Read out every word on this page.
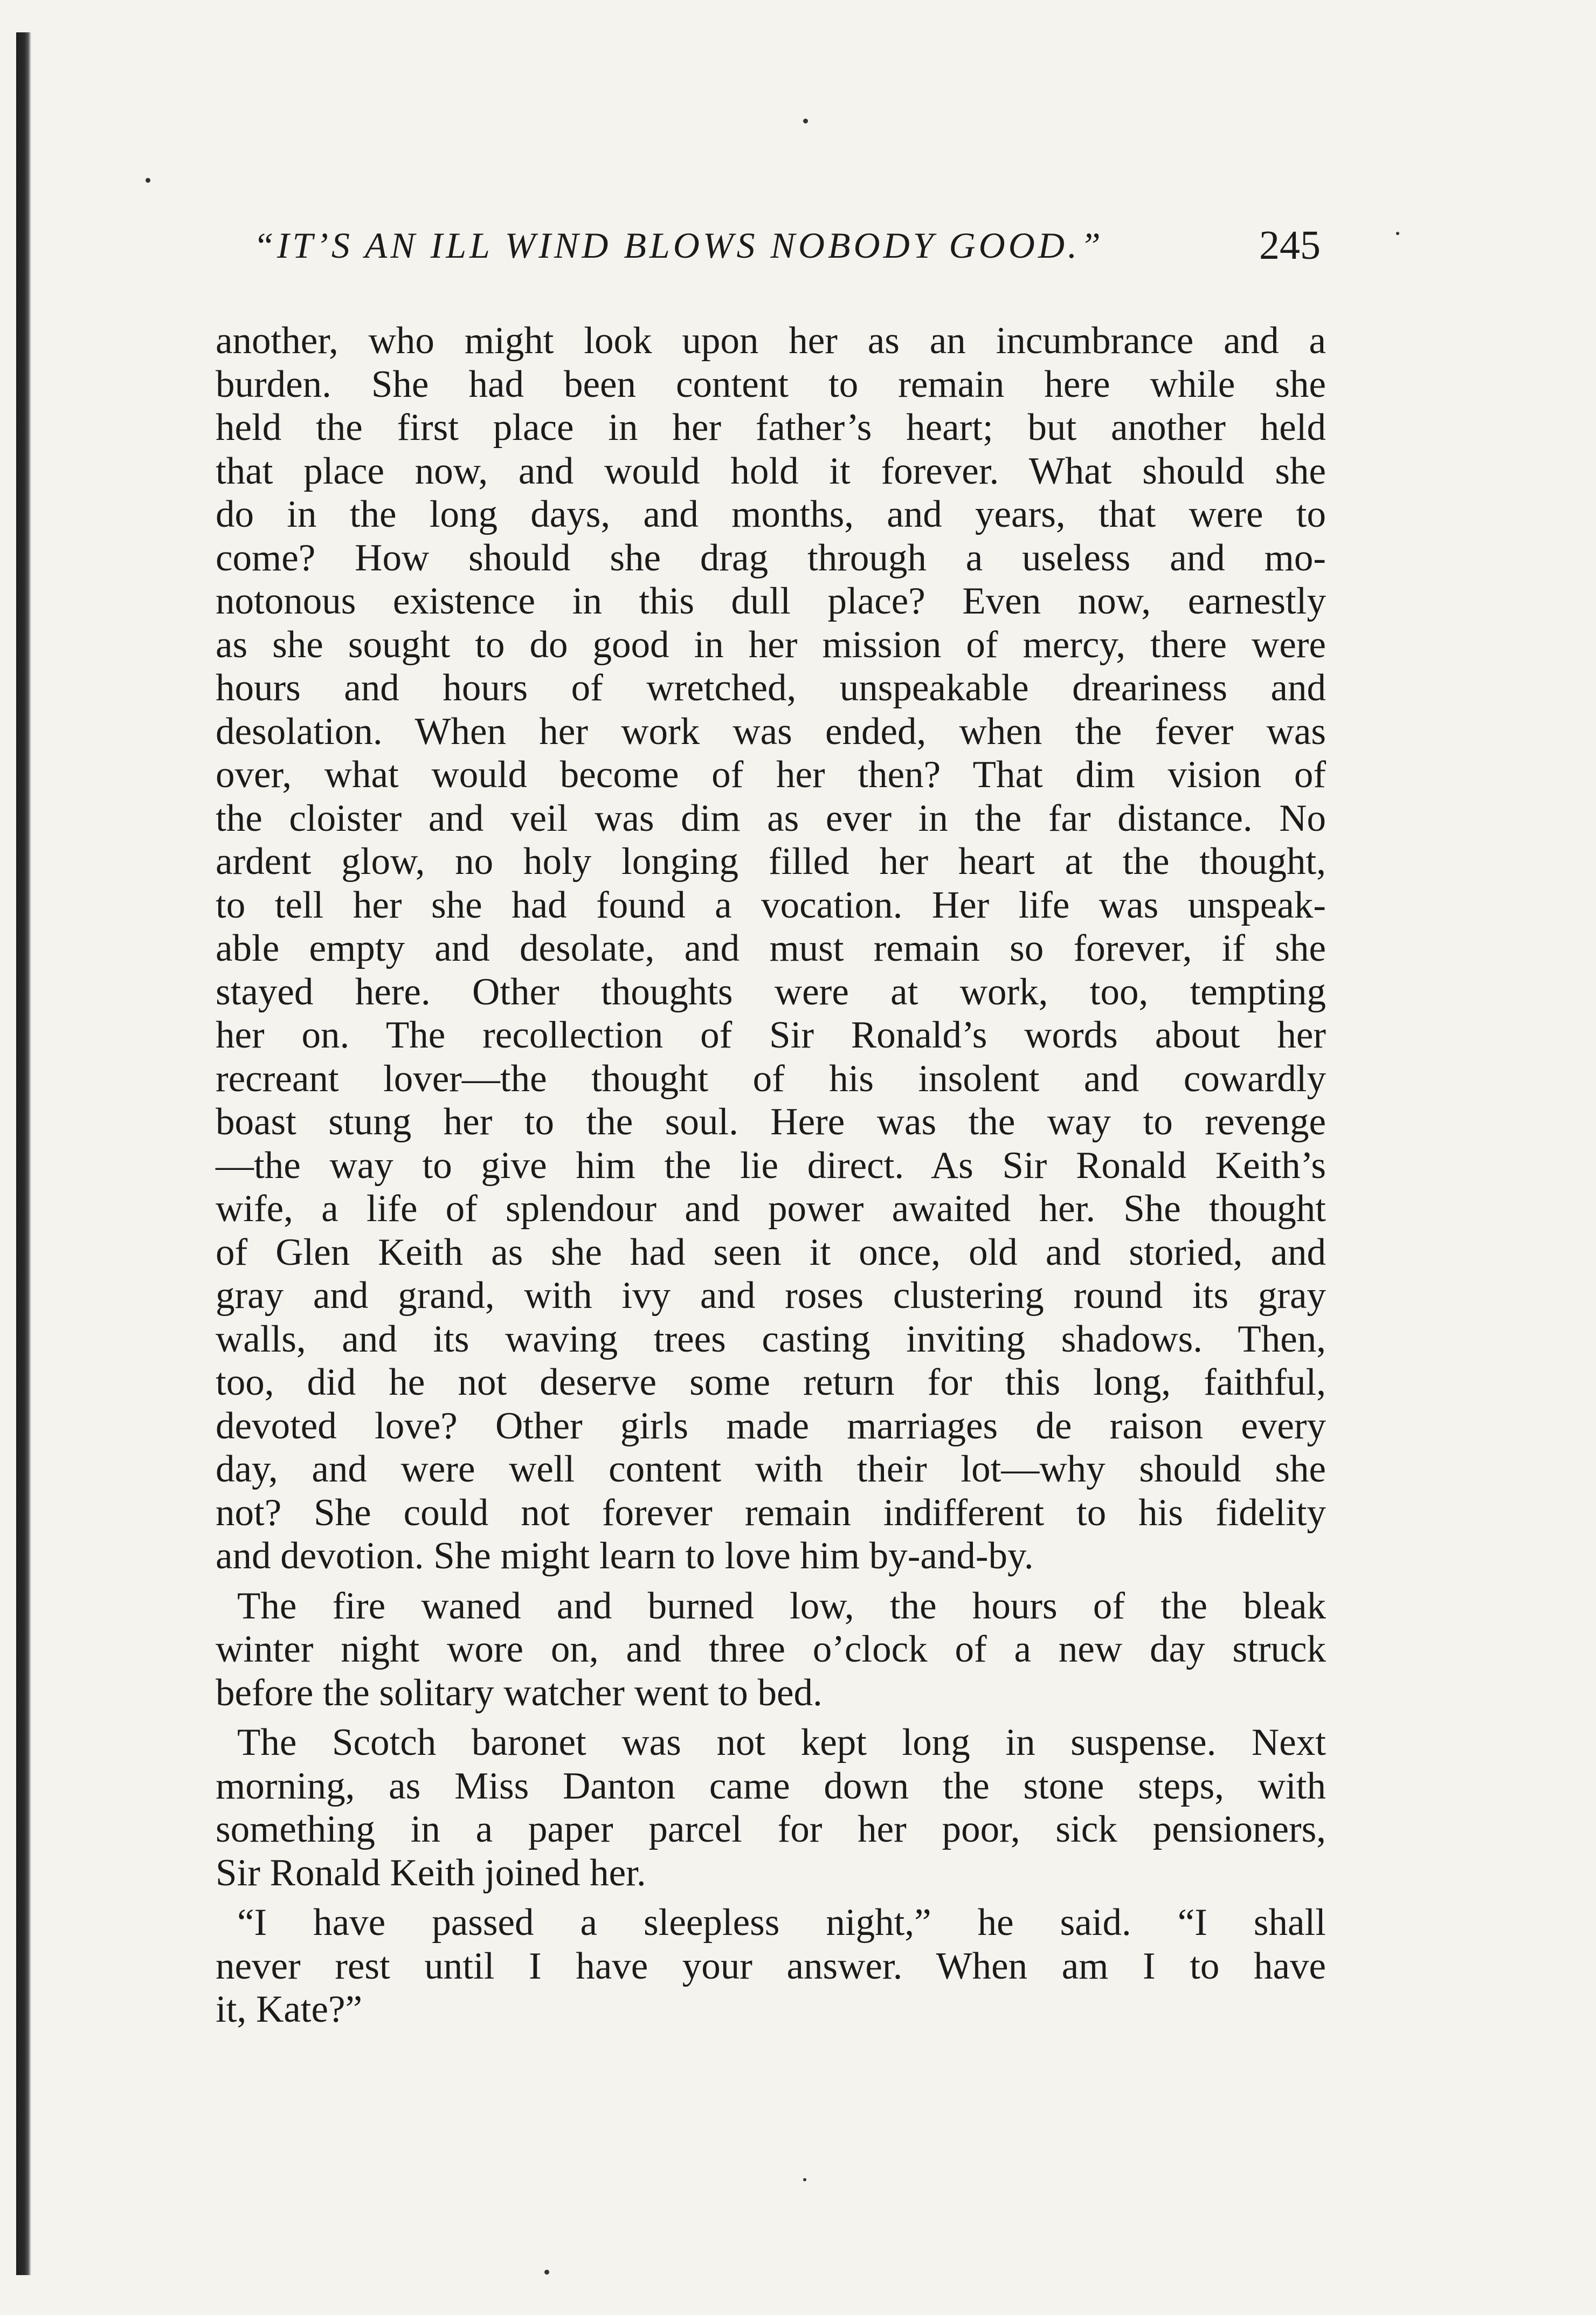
“IT’S AN ILL WIND BLOWS NOBODY GOOD.”	245
another, who might look upon her as an incumbrance and a
burden. She had been content to remain here while she
held the first place in her father’s heart; but another held
that place now, and would hold it forever. What should she
do in the long days, and months, and years, that were to
come? How should she drag through a useless and mo-
notonous existence in this dull place? Even now, earnestly
as she sought to do good in her mission of mercy, there were
hours and hours of wretched, unspeakable dreariness and
desolation. When her work was ended, when the fever was
over, what would become of her then? That dim vision of
the cloister and veil was dim as ever in the far distance. No
ardent glow, no holy longing filled her heart at the thought,
to tell her she had found a vocation. Her life was unspeak-
able empty and desolate, and must remain so forever, if she
stayed here. Other thoughts were at work, too, tempting
her on. The recollection of Sir Ronald’s words about her
recreant lover—the thought of his insolent and cowardly
boast stung her to the soul. Here was the way to revenge
—the way to give him the lie direct. As Sir Ronald Keith’s
wife, a life of splendour and power awaited her. She thought
of Glen Keith as she had seen it once, old and storied, and
gray and grand, with ivy and roses clustering round its gray
walls, and its waving trees casting inviting shadows. Then,
too, did he not deserve some return for this long, faithful,
devoted love? Other girls made marriages de raison every
day, and were well content with their lot—why should she
not? She could not forever remain indifferent to his fidelity
and devotion. She might learn to love him by-and-by.
The fire waned and burned low, the hours of the bleak
winter night wore on, and three o’clock of a new day struck
before the solitary watcher went to bed.
The Scotch baronet was not kept long in suspense. Next
morning, as Miss Danton came down the stone steps, with
something in a paper parcel for her poor, sick pensioners,
Sir Ronald Keith joined her.
“I have passed a sleepless night,” he said. “I shall
never rest until I have your answer. When am I to have
it, Kate?”
